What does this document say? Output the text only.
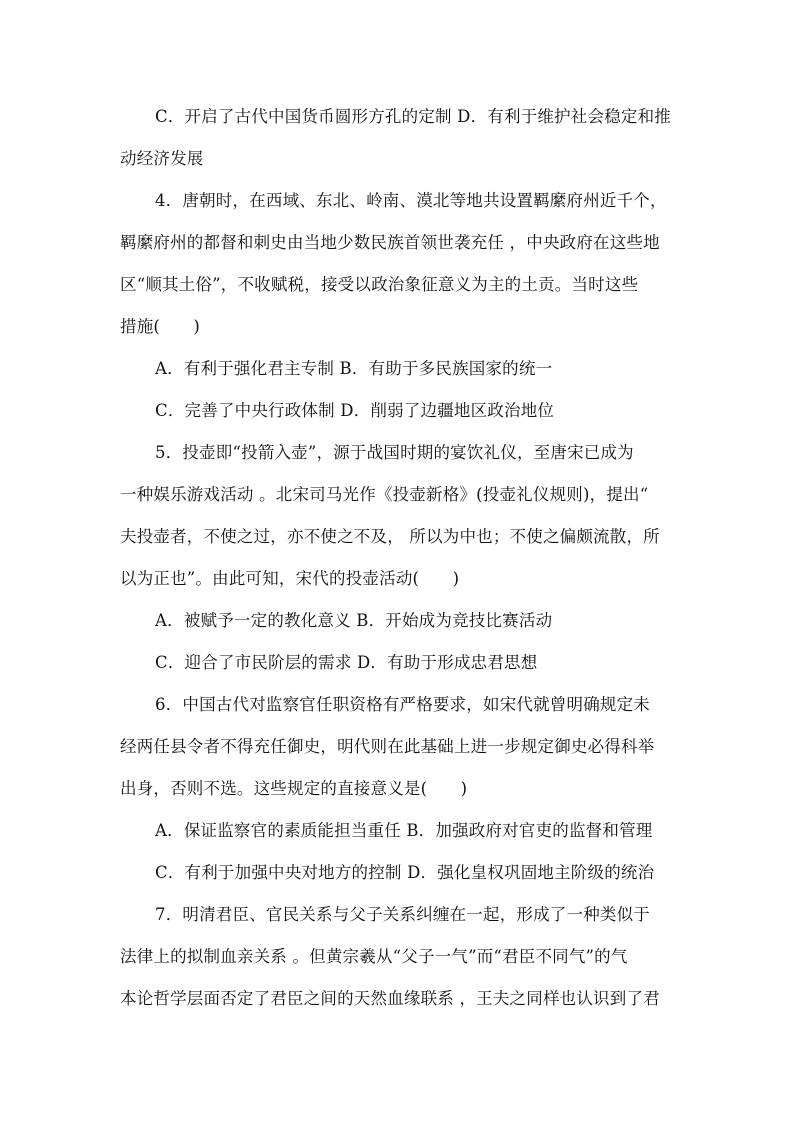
C．开启了古代中国货币圆形方孔的定制 D．有利于维护社会稳定和推
动经济发展
4．唐朝时，在西域、东北、岭南、漠北等地共设置羁縻府州近千个，
羁縻府州的都督和刺史由当地少数民族首领世袭充任 ，中央政府在这些地
区“顺其土俗”，不收赋税，接受以政治象征意义为主的土贡。当时这些
措施(　　)
A．有利于强化君主专制 B．有助于多民族国家的统一
C．完善了中央行政体制 D．削弱了边疆地区政治地位
5．投壶即“投箭入壶”，源于战国时期的宴饮礼仪，至唐宋已成为
一种娱乐游戏活动 。北宋司马光作《投壶新格》(投壶礼仪规则)，提出“
夫投壶者，不使之过，亦不使之不及， 所以为中也；不使之偏颇流散，所
以为正也”。由此可知，宋代的投壶活动(　　)
A．被赋予一定的教化意义 B．开始成为竞技比赛活动
C．迎合了市民阶层的需求 D．有助于形成忠君思想
6．中国古代对监察官任职资格有严格要求，如宋代就曾明确规定未
经两任县令者不得充任御史，明代则在此基础上进一步规定御史必得科举
出身，否则不选。这些规定的直接意义是(　　)
A．保证监察官的素质能担当重任 B．加强政府对官吏的监督和管理
C．有利于加强中央对地方的控制 D．强化皇权巩固地主阶级的统治
7．明清君臣、官民关系与父子关系纠缠在一起，形成了一种类似于
法律上的拟制血亲关系 。但黄宗羲从“父子一气”而“君臣不同气”的气
本论哲学层面否定了君臣之间的天然血缘联系 ，王夫之同样也认识到了君
